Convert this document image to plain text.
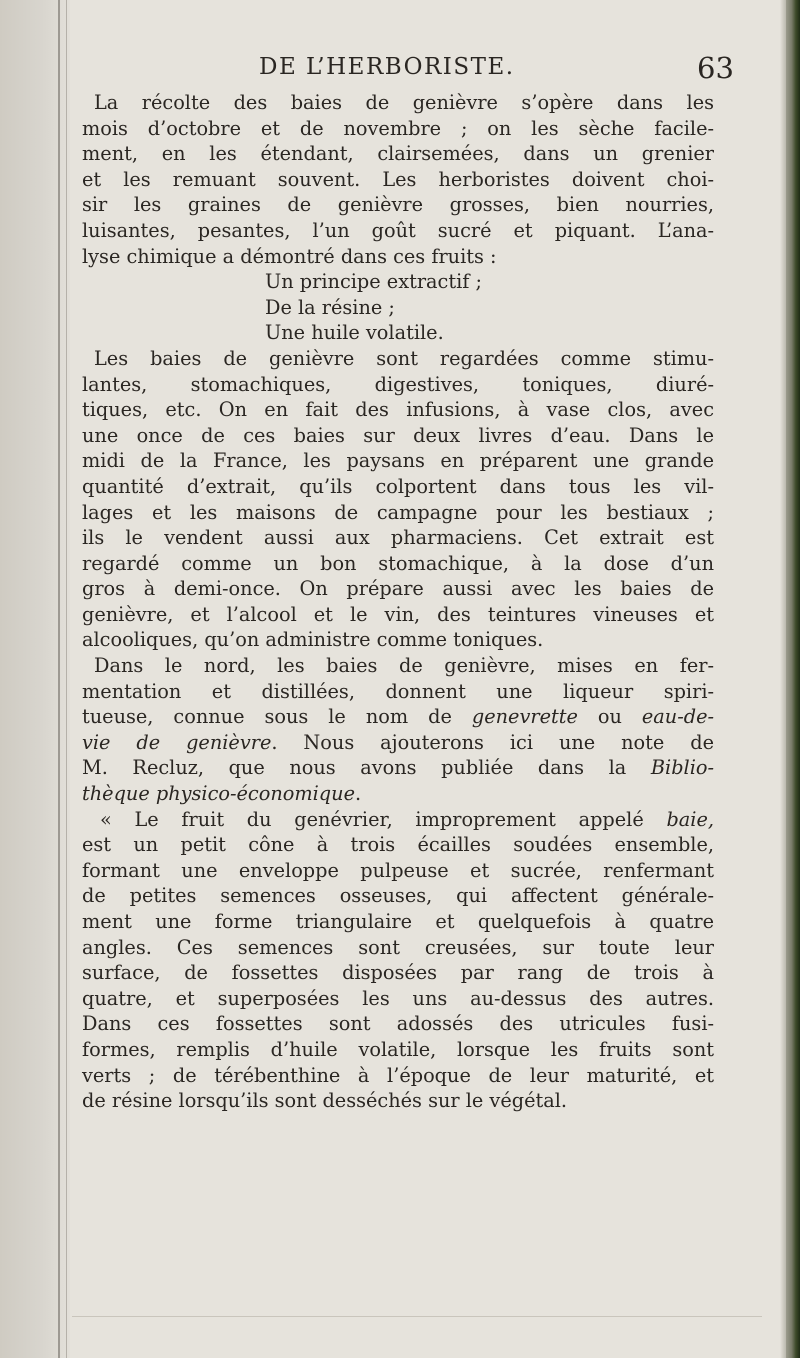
DE L’HERBORISTE.	63
La récolte des baies de genièvre s’opère dans les
mois d’octobre et de novembre ; on les sèche facile-
ment, en les étendant, clairsemées, dans un grenier
et les remuant souvent. Les herboristes doivent choi-
sir les graines de genièvre grosses, bien nourries,
luisantes, pesantes, l’un goût sucré et piquant. L’ana-
lyse chimique a démontré dans ces fruits :
Un principe extractif ;
De la résine ;
Une huile volatile.
Les baies de genièvre sont regardées comme stimu-
lantes, stomachiques, digestives, toniques, diuré-
tiques, etc. On en fait des infusions, à vase clos, avec
une once de ces baies sur deux livres d’eau. Dans le
midi de la France, les paysans en préparent une grande
quantité d’extrait, qu’ils colportent dans tous les vil-
lages et les maisons de campagne pour les bestiaux ;
ils le vendent aussi aux pharmaciens. Cet extrait est
regardé comme un bon stomachique, à la dose d’un
gros à demi-once. On prépare aussi avec les baies de
genièvre, et l’alcool et le vin, des teintures vineuses et
alcooliques, qu’on administre comme toniques.
Dans le nord, les baies de genièvre, mises en fer-
mentation et distillées, donnent une liqueur spiri-
tueuse, connue sous le nom de genevrette ou eau-de-
vie de genièvre. Nous ajouterons ici une note de
M. Recluz, que nous avons publiée dans la Biblio-
thèque physico-économique.
« Le fruit du genévrier, improprement appelé baie,
est un petit cône à trois écailles soudées ensemble,
formant une enveloppe pulpeuse et sucrée, renfermant
de petites semences osseuses, qui affectent générale-
ment une forme triangulaire et quelquefois à quatre
angles. Ces semences sont creusées, sur toute leur
surface, de fossettes disposées par rang de trois à
quatre, et superposées les uns au-dessus des autres.
Dans ces fossettes sont adossés des utricules fusi-
formes, remplis d’huile volatile, lorsque les fruits sont
verts ; de térébenthine à l’époque de leur maturité, et
de résine lorsqu’ils sont desséchés sur le végétal.
